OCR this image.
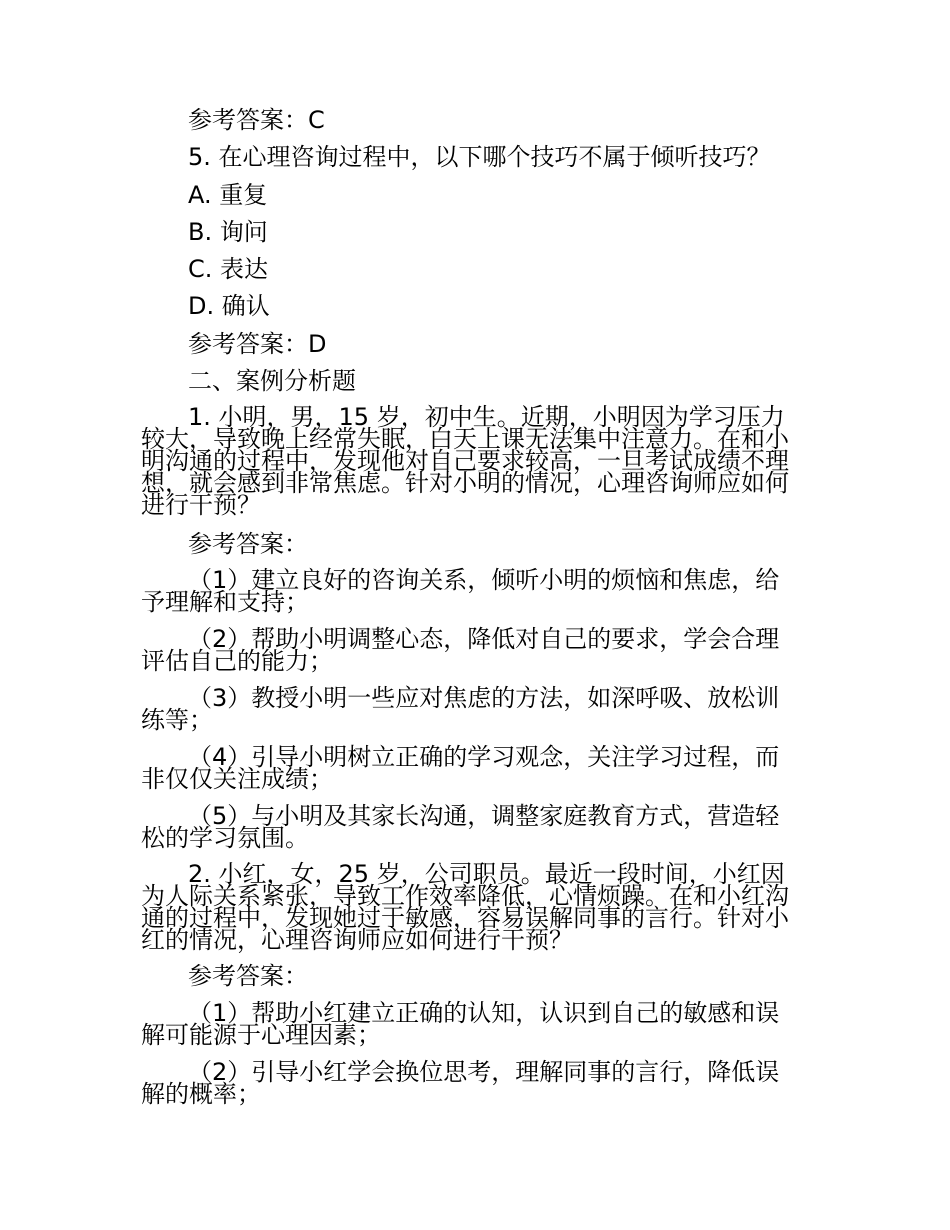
参考答案：C

5. 在心理咨询过程中，以下哪个技巧不属于倾听技巧？

A. 重复

B. 询问

C. 表达

D. 确认

参考答案：D

二、案例分析题

1. 小明，男，15 岁，初中生。近期，小明因为学习压力

较大，导致晚上经常失眠，白天上课无法集中注意力。在和小

明沟通的过程中，发现他对自己要求较高，一旦考试成绩不理

想，就会感到非常焦虑。针对小明的情况，心理咨询师应如何

进行干预？

参考答案：

（1）建立良好的咨询关系，倾听小明的烦恼和焦虑，给

予理解和支持；

（2）帮助小明调整心态，降低对自己的要求，学会合理

评估自己的能力；

（3）教授小明一些应对焦虑的方法，如深呼吸、放松训

练等；

（4）引导小明树立正确的学习观念，关注学习过程，而

非仅仅关注成绩；

（5）与小明及其家长沟通，调整家庭教育方式，营造轻

松的学习氛围。

2. 小红，女，25 岁，公司职员。最近一段时间，小红因

为人际关系紧张，导致工作效率降低，心情烦躁。在和小红沟

通的过程中，发现她过于敏感，容易误解同事的言行。针对小

红的情况，心理咨询师应如何进行干预？

参考答案：

（1）帮助小红建立正确的认知，认识到自己的敏感和误

解可能源于心理因素；

（2）引导小红学会换位思考，理解同事的言行，降低误

解的概率；
